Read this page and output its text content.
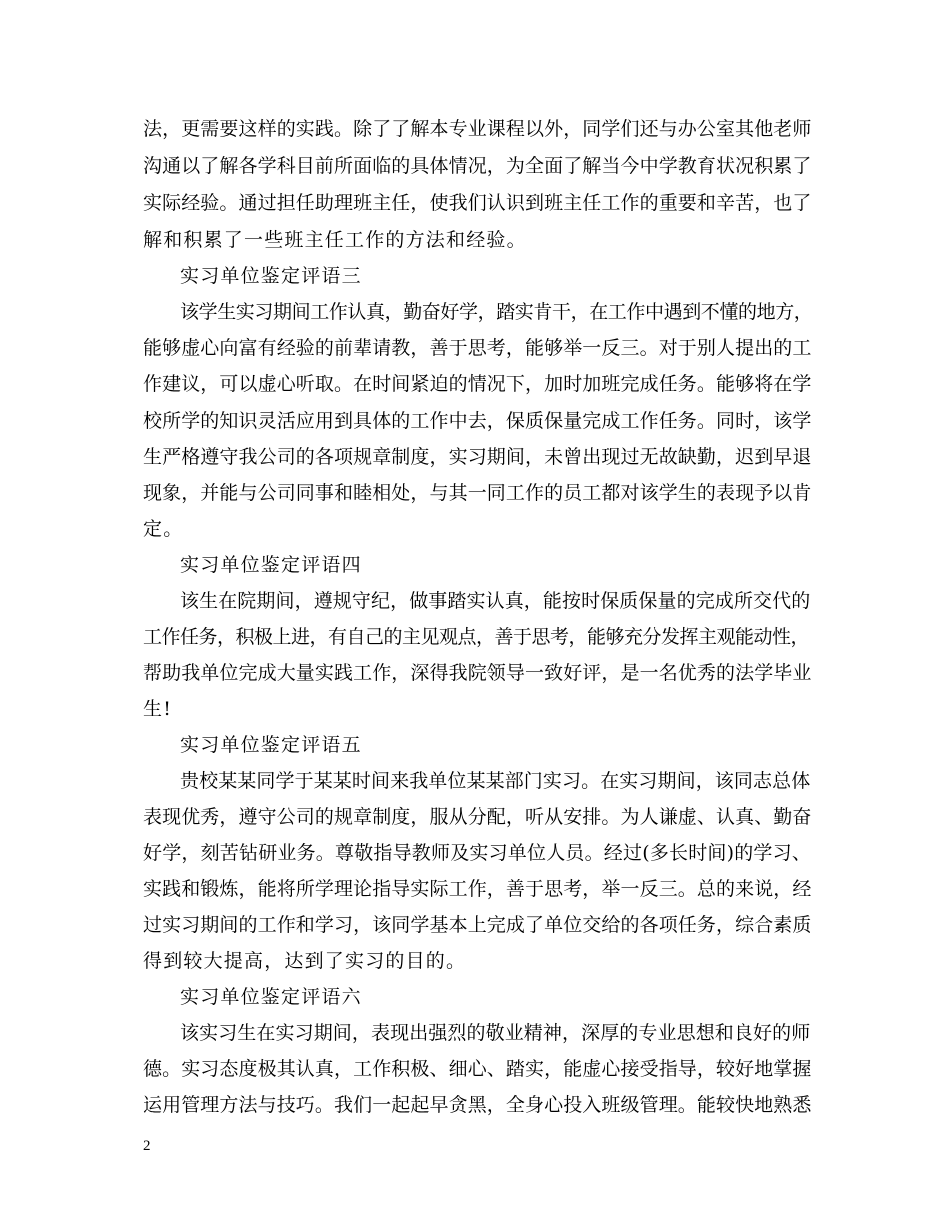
法，更需要这样的实践。除了了解本专业课程以外，同学们还与办公室其他老师
沟通以了解各学科目前所面临的具体情况，为全面了解当今中学教育状况积累了
实际经验。通过担任助理班主任，使我们认识到班主任工作的重要和辛苦，也了
解和积累了一些班主任工作的方法和经验。
实习单位鉴定评语三
该学生实习期间工作认真，勤奋好学，踏实肯干，在工作中遇到不懂的地方，
能够虚心向富有经验的前辈请教，善于思考，能够举一反三。对于别人提出的工
作建议，可以虚心听取。在时间紧迫的情况下，加时加班完成任务。能够将在学
校所学的知识灵活应用到具体的工作中去，保质保量完成工作任务。同时，该学
生严格遵守我公司的各项规章制度，实习期间，未曾出现过无故缺勤，迟到早退
现象，并能与公司同事和睦相处，与其一同工作的员工都对该学生的表现予以肯
定。
实习单位鉴定评语四
该生在院期间，遵规守纪，做事踏实认真，能按时保质保量的完成所交代的
工作任务，积极上进，有自己的主见观点，善于思考，能够充分发挥主观能动性，
帮助我单位完成大量实践工作，深得我院领导一致好评，是一名优秀的法学毕业
生!
实习单位鉴定评语五
贵校某某同学于某某时间来我单位某某部门实习。在实习期间，该同志总体
表现优秀，遵守公司的规章制度，服从分配，听从安排。为人谦虚、认真、勤奋
好学，刻苦钻研业务。尊敬指导教师及实习单位人员。经过(多长时间)的学习、
实践和锻炼，能将所学理论指导实际工作，善于思考，举一反三。总的来说，经
过实习期间的工作和学习，该同学基本上完成了单位交给的各项任务，综合素质
得到较大提高，达到了实习的目的。
实习单位鉴定评语六
该实习生在实习期间，表现出强烈的敬业精神，深厚的专业思想和良好的师
德。实习态度极其认真，工作积极、细心、踏实，能虚心接受指导，较好地掌握
运用管理方法与技巧。我们一起起早贪黑，全身心投入班级管理。能较快地熟悉
2
